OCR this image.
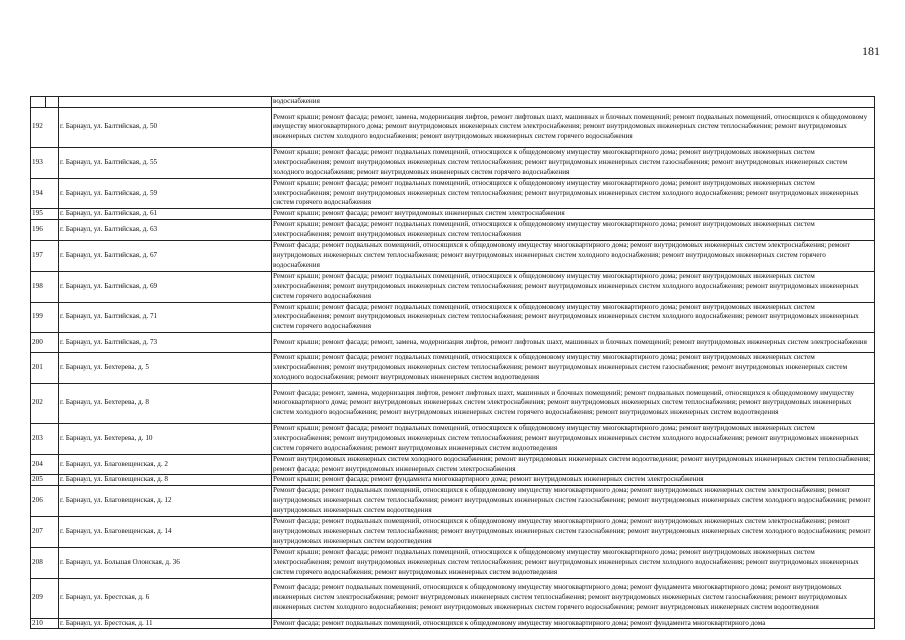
181
			водоснабжения
192		г. Барнаул, ул. Балтийская, д. 50	Ремонт крыши; ремонт фасада; ремонт, замена, модернизация лифтов, ремонт лифтовых шахт, машинных и блочных помещений; ремонт подвальных помещений, относящихся к общедомовому имуществу многоквартирного дома; ремонт внутридомовых инженерных систем электроснабжения; ремонт внутридомовых инженерных систем теплоснабжения; ремонт внутридомовых инженерных систем холодного водоснабжения; ремонт внутридомовых инженерных систем горячего водоснабжения
193		г. Барнаул, ул. Балтийская, д. 55	Ремонт крыши; ремонт фасада; ремонт подвальных помещений, относящихся к общедомовому имуществу многоквартирного дома; ремонт внутридомовых инженерных систем электроснабжения; ремонт внутридомовых инженерных систем теплоснабжения; ремонт внутридомовых инженерных систем газоснабжения; ремонт внутридомовых инженерных систем холодного водоснабжения; ремонт внутридомовых инженерных систем горячего водоснабжения
194		г. Барнаул, ул. Балтийская, д. 59	Ремонт крыши; ремонт фасада; ремонт подвальных помещений, относящихся к общедомовому имуществу многоквартирного дома; ремонт внутридомовых инженерных систем электроснабжения; ремонт внутридомовых инженерных систем теплоснабжения; ремонт внутридомовых инженерных систем холодного водоснабжения; ремонт внутридомовых инженерных систем горячего водоснабжения
195		г. Барнаул, ул. Балтийская, д. 61	Ремонт крыши; ремонт фасада; ремонт внутридомовых инженерных систем электроснабжения
196		г. Барнаул, ул. Балтийская, д. 63	Ремонт крыши; ремонт фасада; ремонт подвальных помещений, относящихся к общедомовому имуществу многоквартирного дома; ремонт внутридомовых инженерных систем электроснабжения; ремонт внутридомовых инженерных систем теплоснабжения
197		г. Барнаул, ул. Балтийская, д. 67	Ремонт фасада; ремонт подвальных помещений, относящихся к общедомовому имуществу многоквартирного дома; ремонт внутридомовых инженерных систем электроснабжения; ремонт внутридомовых инженерных систем теплоснабжения; ремонт внутридомовых инженерных систем холодного водоснабжения; ремонт внутридомовых инженерных систем горячего водоснабжения
198		г. Барнаул, ул. Балтийская, д. 69	Ремонт крыши; ремонт фасада; ремонт подвальных помещений, относящихся к общедомовому имуществу многоквартирного дома; ремонт внутридомовых инженерных систем электроснабжения; ремонт внутридомовых инженерных систем теплоснабжения; ремонт внутридомовых инженерных систем холодного водоснабжения; ремонт внутридомовых инженерных систем горячего водоснабжения
199		г. Барнаул, ул. Балтийская, д. 71	Ремонт крыши; ремонт фасада; ремонт подвальных помещений, относящихся к общедомовому имуществу многоквартирного дома; ремонт внутридомовых инженерных систем электроснабжения; ремонт внутридомовых инженерных систем теплоснабжения; ремонт внутридомовых инженерных систем холодного водоснабжения; ремонт внутридомовых инженерных систем горячего водоснабжения
200		г. Барнаул, ул. Балтийская, д. 73	Ремонт крыши; ремонт фасада; ремонт, замена, модернизация лифтов, ремонт лифтовых шахт, машинных и блочных помещений; ремонт внутридомовых инженерных систем электроснабжения
201		г. Барнаул, ул. Бехтерева, д. 5	Ремонт крыши; ремонт фасада; ремонт подвальных помещений, относящихся к общедомовому имуществу многоквартирного дома; ремонт внутридомовых инженерных систем электроснабжения; ремонт внутридомовых инженерных систем теплоснабжения; ремонт внутридомовых инженерных систем газоснабжения; ремонт внутридомовых инженерных систем холодного водоснабжения; ремонт внутридомовых инженерных систем водоотведения
202		г. Барнаул, ул. Бехтерева, д. 8	Ремонт фасада; ремонт, замена, модернизация лифтов, ремонт лифтовых шахт, машинных и блочных помещений; ремонт подвальных помещений, относящихся к общедомовому имуществу многоквартирного дома; ремонт внутридомовых инженерных систем электроснабжения; ремонт внутридомовых инженерных систем теплоснабжения; ремонт внутридомовых инженерных систем холодного водоснабжения; ремонт внутридомовых инженерных систем горячего водоснабжения; ремонт внутридомовых инженерных систем водоотведения
203		г. Барнаул, ул. Бехтерева, д. 10	Ремонт крыши; ремонт фасада; ремонт подвальных помещений, относящихся к общедомовому имуществу многоквартирного дома; ремонт внутридомовых инженерных систем электроснабжения; ремонт внутридомовых инженерных систем теплоснабжения; ремонт внутридомовых инженерных систем холодного водоснабжения; ремонт внутридомовых инженерных систем горячего водоснабжения; ремонт внутридомовых инженерных систем водоотведения
204		г. Барнаул, ул. Благовещенская, д. 2	Ремонт внутридомовых инженерных систем холодного водоснабжения; ремонт внутридомовых инженерных систем водоотведения; ремонт внутридомовых инженерных систем теплоснабжения; ремонт фасада; ремонт внутридомовых инженерных систем электроснабжения
205		г. Барнаул, ул. Благовещенская, д. 8	Ремонт крыши; ремонт фасада; ремонт фундамента многоквартирного дома; ремонт внутридомовых инженерных систем электроснабжения
206		г. Барнаул, ул. Благовещенская, д. 12	Ремонт фасада; ремонт подвальных помещений, относящихся к общедомовому имуществу многоквартирного дома; ремонт внутридомовых инженерных систем электроснабжения; ремонт внутридомовых инженерных систем теплоснабжения; ремонт внутридомовых инженерных систем газоснабжения; ремонт внутридомовых инженерных систем холодного водоснабжения; ремонт внутридомовых инженерных систем водоотведения
207		г. Барнаул, ул. Благовещенская, д. 14	Ремонт фасада; ремонт подвальных помещений, относящихся к общедомовому имуществу многоквартирного дома; ремонт внутридомовых инженерных систем электроснабжения; ремонт внутридомовых инженерных систем теплоснабжения; ремонт внутридомовых инженерных систем газоснабжения; ремонт внутридомовых инженерных систем холодного водоснабжения; ремонт внутридомовых инженерных систем водоотведения
208		г. Барнаул, ул. Большая Олонская, д. 36	Ремонт крыши; ремонт фасада; ремонт подвальных помещений, относящихся к общедомовому имуществу многоквартирного дома; ремонт внутридомовых инженерных систем электроснабжения; ремонт внутридомовых инженерных систем теплоснабжения; ремонт внутридомовых инженерных систем холодного водоснабжения; ремонт внутридомовых инженерных систем горячего водоснабжения; ремонт внутридомовых инженерных систем водоотведения
209		г. Барнаул, ул. Брестская, д. 6	Ремонт фасада; ремонт подвальных помещений, относящихся к общедомовому имуществу многоквартирного дома; ремонт фундамента многоквартирного дома; ремонт внутридомовых инженерных систем электроснабжения; ремонт внутридомовых инженерных систем теплоснабжения; ремонт внутридомовых инженерных систем газоснабжения; ремонт внутридомовых инженерных систем холодного водоснабжения; ремонт внутридомовых инженерных систем горячего водоснабжения; ремонт внутридомовых инженерных систем водоотведения
210		г. Барнаул, ул. Брестская, д. 11	Ремонт фасада; ремонт подвальных помещений, относящихся к общедомовому имуществу многоквартирного дома; ремонт фундамента многоквартирного дома
